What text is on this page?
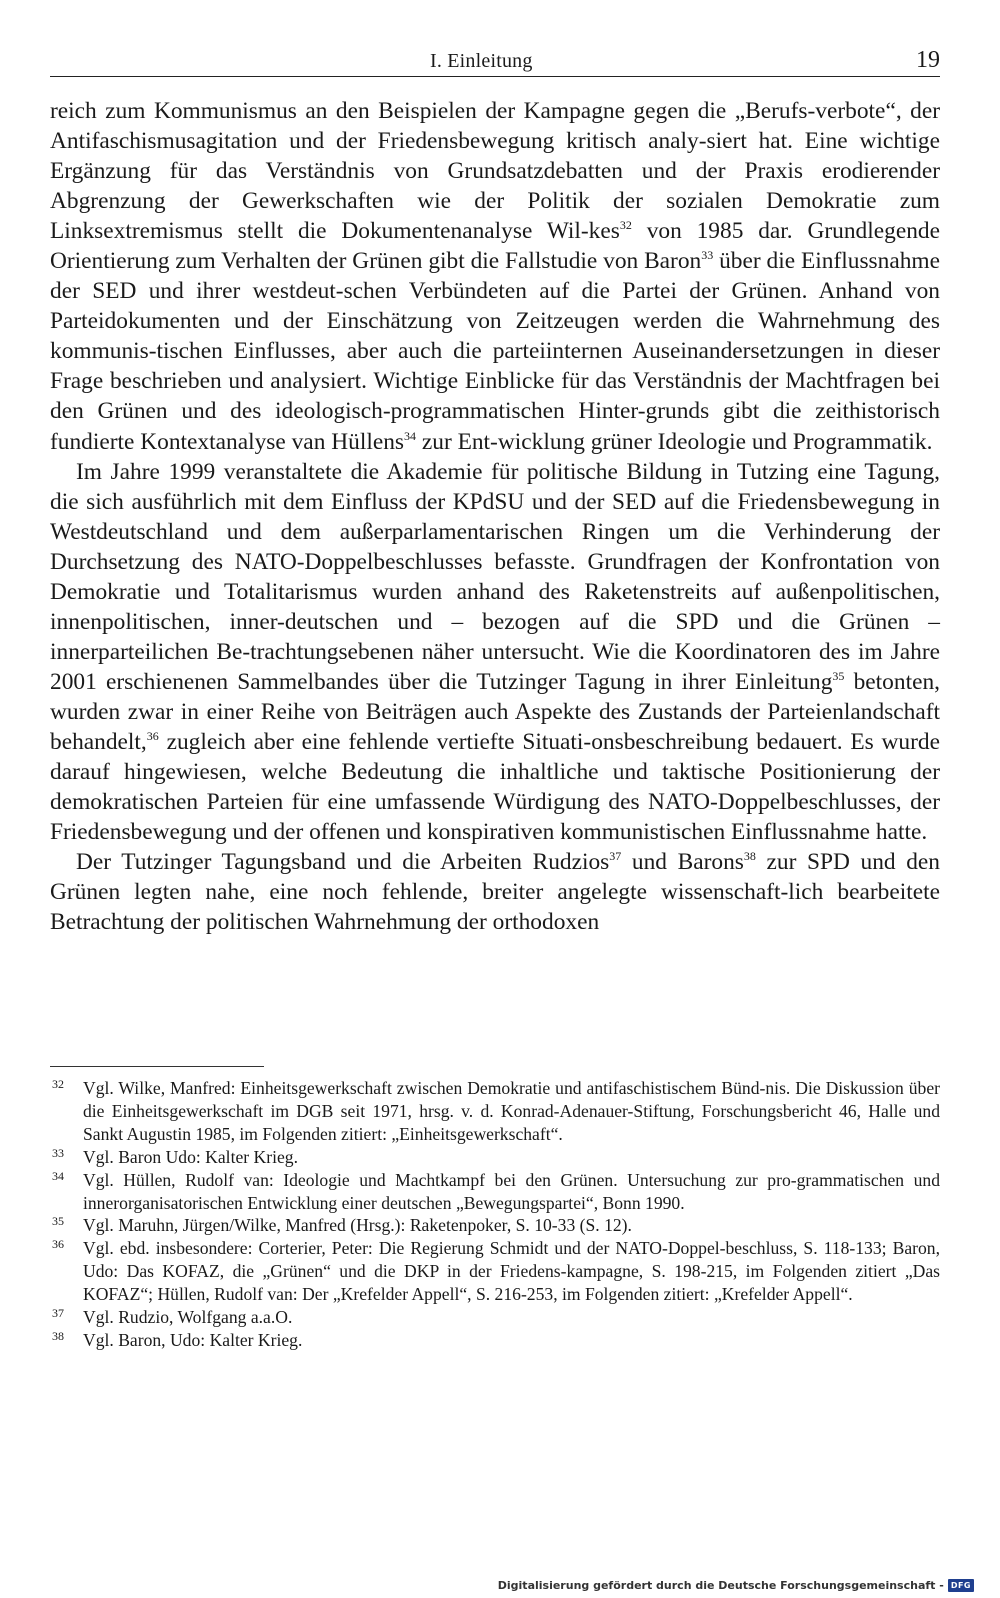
I. Einleitung	19

reich zum Kommunismus an den Beispielen der Kampagne gegen die „Berufs-verbote“, der Antifaschismusagitation und der Friedensbewegung kritisch analy-siert hat. Eine wichtige Ergänzung für das Verständnis von Grundsatzdebatten und der Praxis erodierender Abgrenzung der Gewerkschaften wie der Politik der sozialen Demokratie zum Linksextremismus stellt die Dokumentenanalyse Wil-kes$^{32}$ von 1985 dar. Grundlegende Orientierung zum Verhalten der Grünen gibt die Fallstudie von Baron$^{33}$ über die Einflussnahme der SED und ihrer westdeut-schen Verbündeten auf die Partei der Grünen. Anhand von Parteidokumenten und der Einschätzung von Zeitzeugen werden die Wahrnehmung des kommunis-tischen Einflusses, aber auch die parteiinternen Auseinandersetzungen in dieser Frage beschrieben und analysiert. Wichtige Einblicke für das Verständnis der Machtfragen bei den Grünen und des ideologisch-programmatischen Hinter-grunds gibt die zeithistorisch fundierte Kontextanalyse van Hüllens$^{34}$ zur Ent-wicklung grüner Ideologie und Programmatik.

Im Jahre 1999 veranstaltete die Akademie für politische Bildung in Tutzing eine Tagung, die sich ausführlich mit dem Einfluss der KPdSU und der SED auf die Friedensbewegung in Westdeutschland und dem außerparlamentarischen Ringen um die Verhinderung der Durchsetzung des NATO-Doppelbeschlusses befasste. Grundfragen der Konfrontation von Demokratie und Totalitarismus wurden anhand des Raketenstreits auf außenpolitischen, innenpolitischen, inner-deutschen und – bezogen auf die SPD und die Grünen – innerparteilichen Be-trachtungsebenen näher untersucht. Wie die Koordinatoren des im Jahre 2001 erschienenen Sammelbandes über die Tutzinger Tagung in ihrer Einleitung$^{35}$ betonten, wurden zwar in einer Reihe von Beiträgen auch Aspekte des Zustands der Parteienlandschaft behandelt,$^{36}$ zugleich aber eine fehlende vertiefte Situati-onsbeschreibung bedauert. Es wurde darauf hingewiesen, welche Bedeutung die inhaltliche und taktische Positionierung der demokratischen Parteien für eine umfassende Würdigung des NATO-Doppelbeschlusses, der Friedensbewegung und der offenen und konspirativen kommunistischen Einflussnahme hatte.

Der Tutzinger Tagungsband und die Arbeiten Rudzios$^{37}$ und Barons$^{38}$ zur SPD und den Grünen legten nahe, eine noch fehlende, breiter angelegte wissenschaft-lich bearbeitete Betrachtung der politischen Wahrnehmung der orthodoxen

32 Vgl. Wilke, Manfred: Einheitsgewerkschaft zwischen Demokratie und antifaschistischem Bünd-nis. Die Diskussion über die Einheitsgewerkschaft im DGB seit 1971, hrsg. v. d. Konrad-Adenauer-Stiftung, Forschungsbericht 46, Halle und Sankt Augustin 1985, im Folgenden zitiert: „Einheitsgewerkschaft“.
33 Vgl. Baron Udo: Kalter Krieg.
34 Vgl. Hüllen, Rudolf van: Ideologie und Machtkampf bei den Grünen. Untersuchung zur pro-grammatischen und innerorganisatorischen Entwicklung einer deutschen „Bewegungspartei“, Bonn 1990.
35 Vgl. Maruhn, Jürgen/Wilke, Manfred (Hrsg.): Raketenpoker, S. 10-33 (S. 12).
36 Vgl. ebd. insbesondere: Corterier, Peter: Die Regierung Schmidt und der NATO-Doppel-beschluss, S. 118-133; Baron, Udo: Das KOFAZ, die „Grünen“ und die DKP in der Friedens-kampagne, S. 198-215, im Folgenden zitiert „Das KOFAZ“; Hüllen, Rudolf van: Der „Krefelder Appell“, S. 216-253, im Folgenden zitiert: „Krefelder Appell“.
37 Vgl. Rudzio, Wolfgang a.a.O.
38 Vgl. Baron, Udo: Kalter Krieg.
Digitalisierung gefördert durch die Deutsche Forschungsgemeinschaft - DFG
